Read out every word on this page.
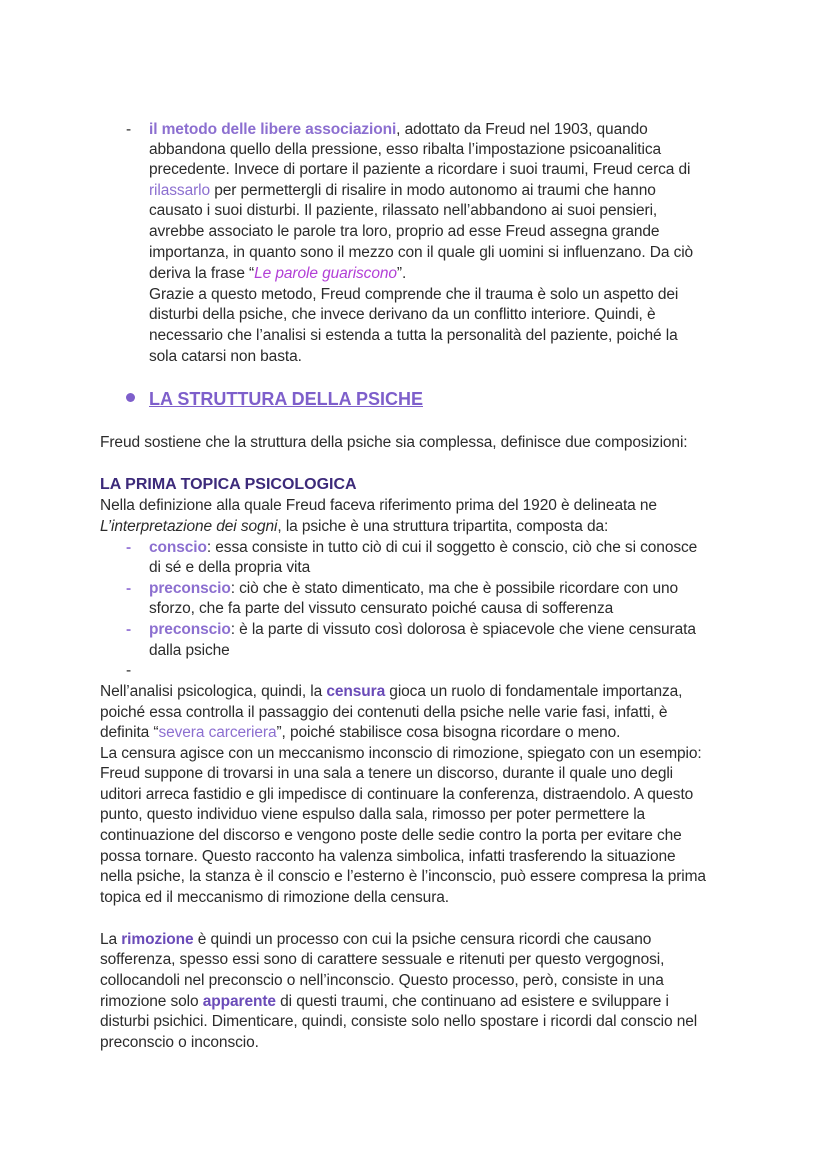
- il metodo delle libere associazioni, adottato da Freud nel 1903, quando
abbandona quello della pressione, esso ribalta l’impostazione psicoanalitica
precedente. Invece di portare il paziente a ricordare i suoi traumi, Freud cerca di
rilassarlo per permettergli di risalire in modo autonomo ai traumi che hanno
causato i suoi disturbi. Il paziente, rilassato nell’abbandono ai suoi pensieri,
avrebbe associato le parole tra loro, proprio ad esse Freud assegna grande
importanza, in quanto sono il mezzo con il quale gli uomini si influenzano. Da ciò
deriva la frase “Le parole guariscono”.
Grazie a questo metodo, Freud comprende che il trauma è solo un aspetto dei
disturbi della psiche, che invece derivano da un conflitto interiore. Quindi, è
necessario che l’analisi si estenda a tutta la personalità del paziente, poiché la
sola catarsi non basta.
LA STRUTTURA DELLA PSICHE
Freud sostiene che la struttura della psiche sia complessa, definisce due composizioni:
LA PRIMA TOPICA PSICOLOGICA
Nella definizione alla quale Freud faceva riferimento prima del 1920 è delineata ne
L’interpretazione dei sogni, la psiche è una struttura tripartita, composta da:
- conscio: essa consiste in tutto ciò di cui il soggetto è conscio, ciò che si conosce
di sé e della propria vita
- preconscio: ciò che è stato dimenticato, ma che è possibile ricordare con uno
sforzo, che fa parte del vissuto censurato poiché causa di sofferenza
- preconscio: è la parte di vissuto così dolorosa è spiacevole che viene censurata
dalla psiche
-
Nell’analisi psicologica, quindi, la censura gioca un ruolo di fondamentale importanza,
poiché essa controlla il passaggio dei contenuti della psiche nelle varie fasi, infatti, è
definita “severa carceriera”, poiché stabilisce cosa bisogna ricordare o meno.
La censura agisce con un meccanismo inconscio di rimozione, spiegato con un esempio:
Freud suppone di trovarsi in una sala a tenere un discorso, durante il quale uno degli
uditori arreca fastidio e gli impedisce di continuare la conferenza, distraendolo. A questo
punto, questo individuo viene espulso dalla sala, rimosso per poter permettere la
continuazione del discorso e vengono poste delle sedie contro la porta per evitare che
possa tornare. Questo racconto ha valenza simbolica, infatti trasferendo la situazione
nella psiche, la stanza è il conscio e l’esterno è l’inconscio, può essere compresa la prima
topica ed il meccanismo di rimozione della censura.
La rimozione è quindi un processo con cui la psiche censura ricordi che causano
sofferenza, spesso essi sono di carattere sessuale e ritenuti per questo vergognosi,
collocandoli nel preconscio o nell’inconscio. Questo processo, però, consiste in una
rimozione solo apparente di questi traumi, che continuano ad esistere e sviluppare i
disturbi psichici. Dimenticare, quindi, consiste solo nello spostare i ricordi dal conscio nel
preconscio o inconscio.
